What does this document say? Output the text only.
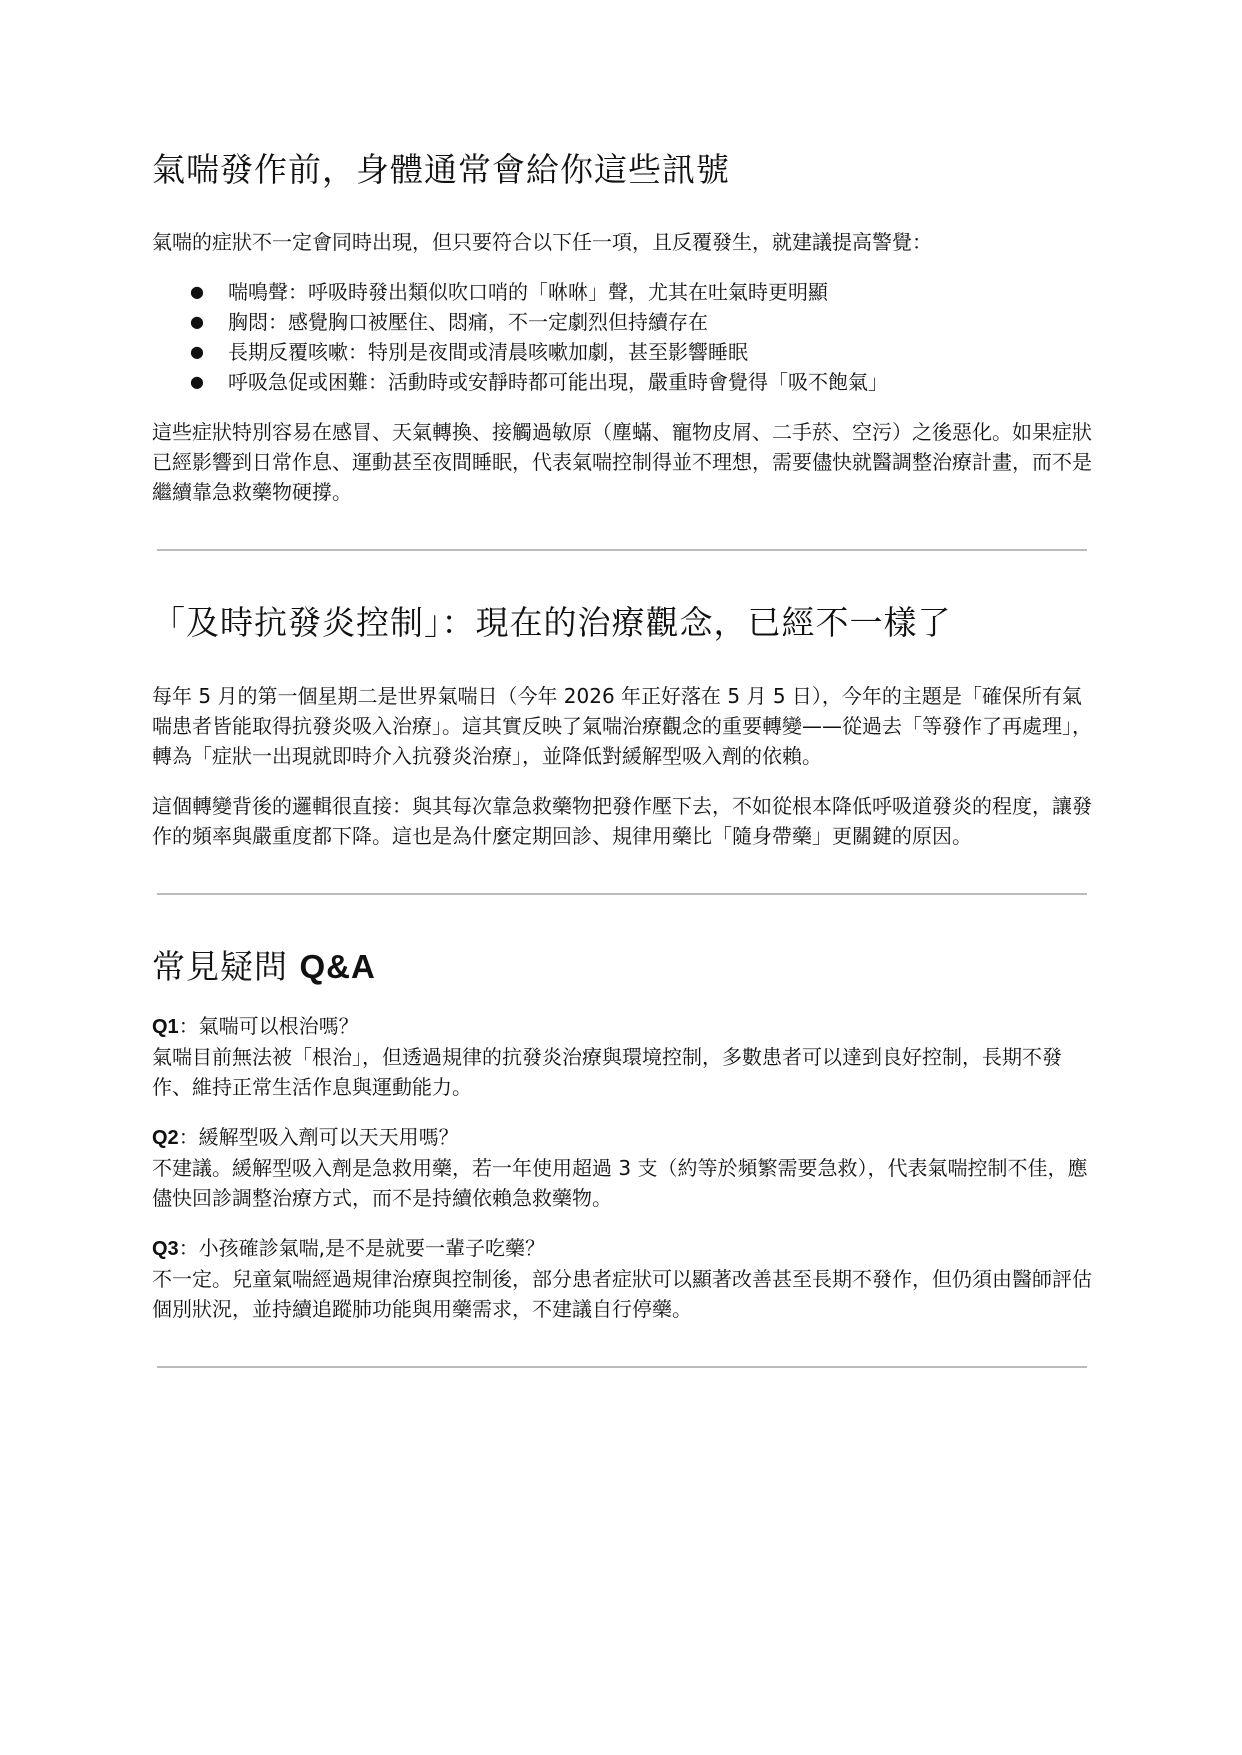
氣喘發作前，身體通常會給你這些訊號

氣喘的症狀不一定會同時出現，但只要符合以下任一項，且反覆發生，就建議提高警覺：

● 喘鳴聲：呼吸時發出類似吹口哨的「咻咻」聲，尤其在吐氣時更明顯
● 胸悶：感覺胸口被壓住、悶痛，不一定劇烈但持續存在
● 長期反覆咳嗽：特別是夜間或清晨咳嗽加劇，甚至影響睡眠
● 呼吸急促或困難：活動時或安靜時都可能出現，嚴重時會覺得「吸不飽氣」

這些症狀特別容易在感冒、天氣轉換、接觸過敏原（塵蟎、寵物皮屑、二手菸、空污）之後惡化。如果症狀已經影響到日常作息、運動甚至夜間睡眠，代表氣喘控制得並不理想，需要儘快就醫調整治療計畫，而不是繼續靠急救藥物硬撐。

「及時抗發炎控制」：現在的治療觀念，已經不一樣了

每年 5 月的第一個星期二是世界氣喘日（今年 2026 年正好落在 5 月 5 日），今年的主題是「確保所有氣喘患者皆能取得抗發炎吸入治療」。這其實反映了氣喘治療觀念的重要轉變——從過去「等發作了再處理」，轉為「症狀一出現就即時介入抗發炎治療」，並降低對緩解型吸入劑的依賴。

這個轉變背後的邏輯很直接：與其每次靠急救藥物把發作壓下去，不如從根本降低呼吸道發炎的程度，讓發作的頻率與嚴重度都下降。這也是為什麼定期回診、規律用藥比「隨身帶藥」更關鍵的原因。

常見疑問 Q&A

Q1：氣喘可以根治嗎？

氣喘目前無法被「根治」，但透過規律的抗發炎治療與環境控制，多數患者可以達到良好控制，長期不發作、維持正常生活作息與運動能力。

Q2：緩解型吸入劑可以天天用嗎？

不建議。緩解型吸入劑是急救用藥，若一年使用超過 3 支（約等於頻繁需要急救），代表氣喘控制不佳，應儘快回診調整治療方式，而不是持續依賴急救藥物。

Q3：小孩確診氣喘,是不是就要一輩子吃藥？

不一定。兒童氣喘經過規律治療與控制後，部分患者症狀可以顯著改善甚至長期不發作，但仍須由醫師評估個別狀況，並持續追蹤肺功能與用藥需求，不建議自行停藥。
